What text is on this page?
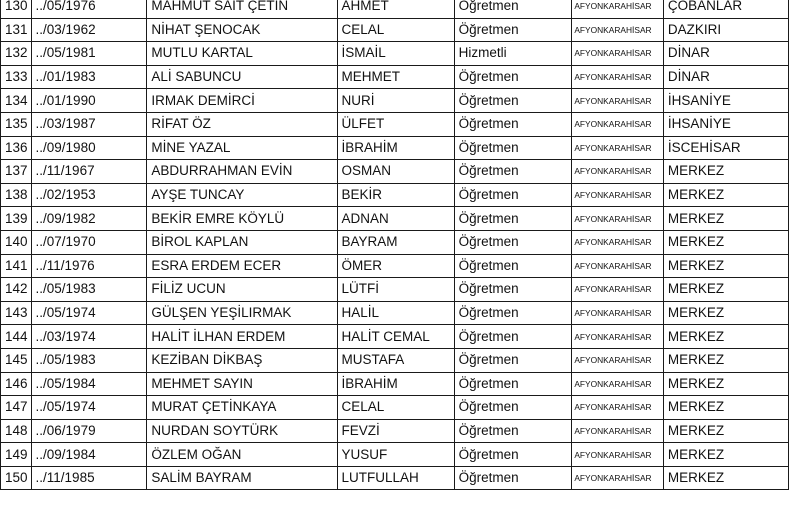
130	../05/1976	MAHMUT SAİT ÇETİN	AHMET	Öğretmen	AFYONKARAHİSAR	ÇOBANLAR
131	../03/1962	NİHAT ŞENOCAK	CELAL	Öğretmen	AFYONKARAHİSAR	DAZKIRI
132	../05/1981	MUTLU KARTAL	İSMAİL	Hizmetli	AFYONKARAHİSAR	DİNAR
133	../01/1983	ALİ SABUNCU	MEHMET	Öğretmen	AFYONKARAHİSAR	DİNAR
134	../01/1990	IRMAK DEMİRCİ	NURİ	Öğretmen	AFYONKARAHİSAR	İHSANİYE
135	../03/1987	RİFAT ÖZ	ÜLFET	Öğretmen	AFYONKARAHİSAR	İHSANİYE
136	../09/1980	MİNE YAZAL	İBRAHİM	Öğretmen	AFYONKARAHİSAR	İSCEHİSAR
137	../11/1967	ABDURRAHMAN EVİN	OSMAN	Öğretmen	AFYONKARAHİSAR	MERKEZ
138	../02/1953	AYŞE TUNCAY	BEKİR	Öğretmen	AFYONKARAHİSAR	MERKEZ
139	../09/1982	BEKİR EMRE KÖYLÜ	ADNAN	Öğretmen	AFYONKARAHİSAR	MERKEZ
140	../07/1970	BİROL KAPLAN	BAYRAM	Öğretmen	AFYONKARAHİSAR	MERKEZ
141	../11/1976	ESRA ERDEM ECER	ÖMER	Öğretmen	AFYONKARAHİSAR	MERKEZ
142	../05/1983	FİLİZ UCUN	LÜTFİ	Öğretmen	AFYONKARAHİSAR	MERKEZ
143	../05/1974	GÜLŞEN YEŞİLIRMAK	HALİL	Öğretmen	AFYONKARAHİSAR	MERKEZ
144	../03/1974	HALİT İLHAN ERDEM	HALİT CEMAL	Öğretmen	AFYONKARAHİSAR	MERKEZ
145	../05/1983	KEZİBAN DİKBAŞ	MUSTAFA	Öğretmen	AFYONKARAHİSAR	MERKEZ
146	../05/1984	MEHMET SAYIN	İBRAHİM	Öğretmen	AFYONKARAHİSAR	MERKEZ
147	../05/1974	MURAT ÇETİNKAYA	CELAL	Öğretmen	AFYONKARAHİSAR	MERKEZ
148	../06/1979	NURDAN SOYTÜRK	FEVZİ	Öğretmen	AFYONKARAHİSAR	MERKEZ
149	../09/1984	ÖZLEM OĞAN	YUSUF	Öğretmen	AFYONKARAHİSAR	MERKEZ
150	../11/1985	SALİM BAYRAM	LUTFULLAH	Öğretmen	AFYONKARAHİSAR	MERKEZ
